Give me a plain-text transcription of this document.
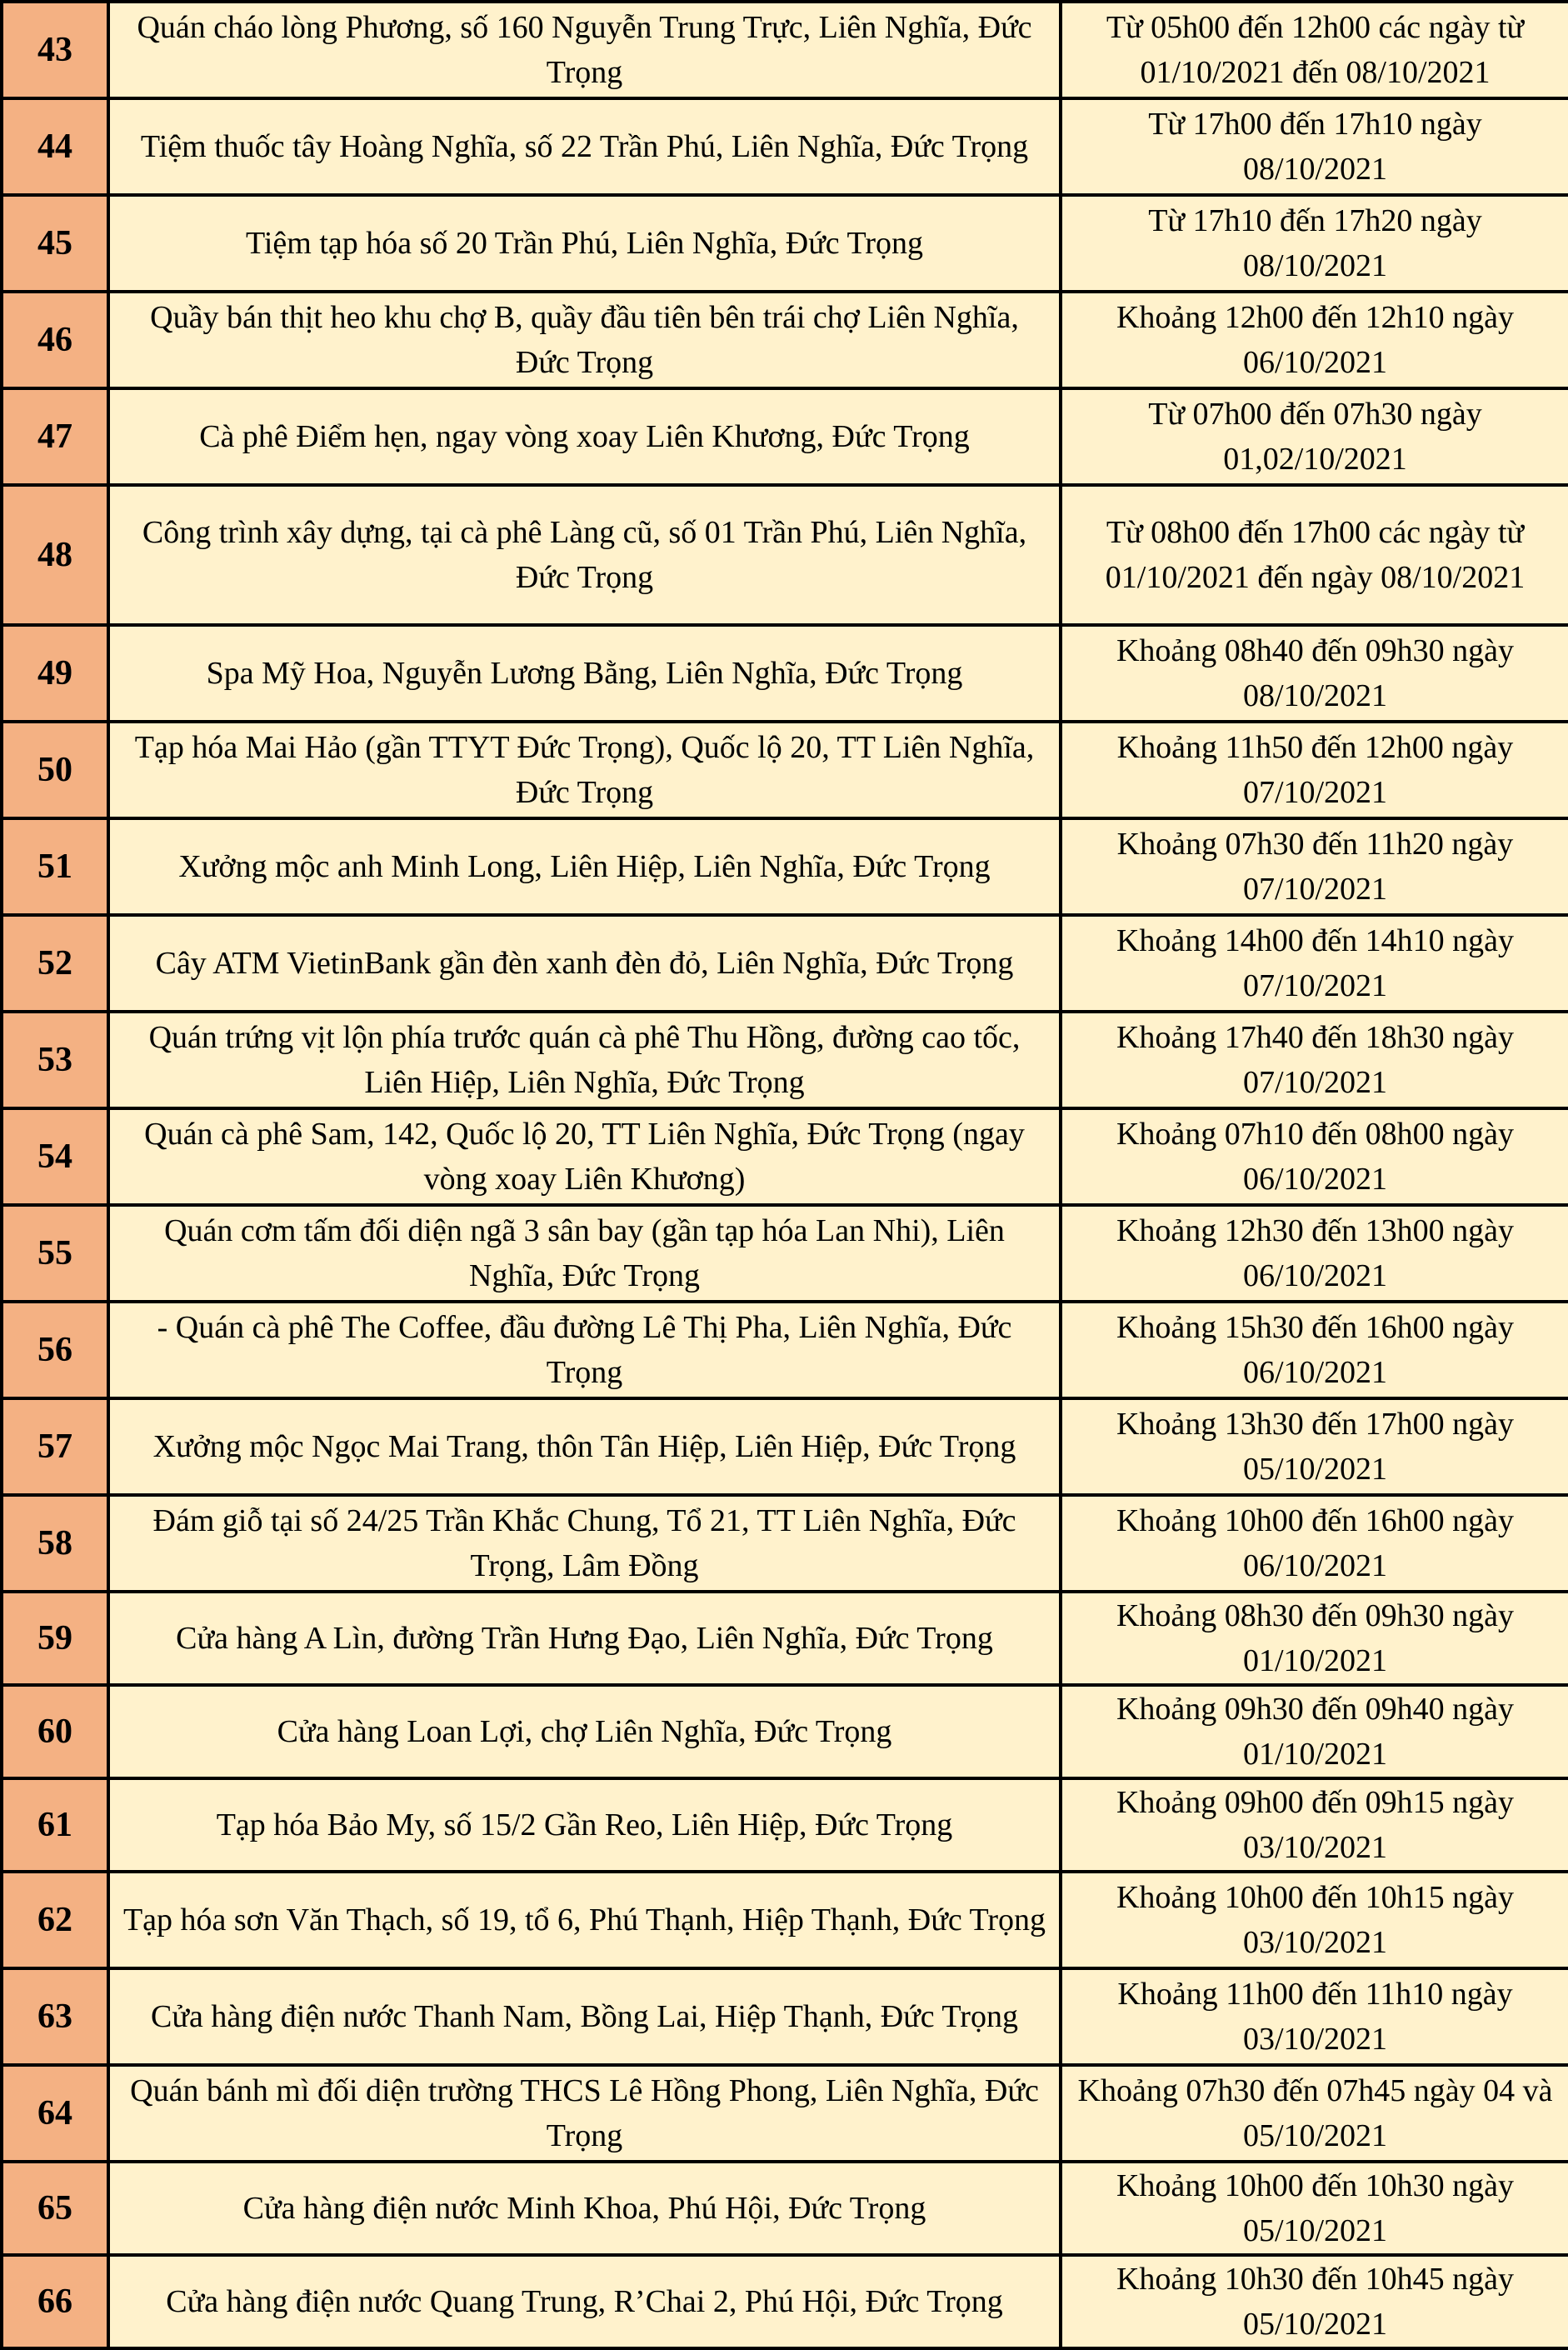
43	Quán cháo lòng Phương, số 160 Nguyễn Trung Trực, Liên Nghĩa, Đức Trọng	Từ 05h00 đến 12h00 các ngày từ 01/10/2021 đến 08/10/2021
44	Tiệm thuốc tây Hoàng Nghĩa, số 22 Trần Phú, Liên Nghĩa, Đức Trọng	Từ 17h00 đến 17h10 ngày 08/10/2021
45	Tiệm tạp hóa số 20 Trần Phú, Liên Nghĩa, Đức Trọng	Từ 17h10 đến 17h20 ngày 08/10/2021
46	Quầy bán thịt heo khu chợ B, quầy đầu tiên bên trái chợ Liên Nghĩa, Đức Trọng	Khoảng 12h00 đến 12h10 ngày 06/10/2021
47	Cà phê Điểm hẹn, ngay vòng xoay Liên Khương, Đức Trọng	Từ 07h00 đến 07h30 ngày 01,02/10/2021
48	Công trình xây dựng, tại cà phê Làng cũ, số 01 Trần Phú, Liên Nghĩa, Đức Trọng	Từ 08h00 đến 17h00 các ngày từ 01/10/2021 đến ngày 08/10/2021
49	Spa Mỹ Hoa, Nguyễn Lương Bằng, Liên Nghĩa, Đức Trọng	Khoảng 08h40 đến 09h30 ngày 08/10/2021
50	Tạp hóa Mai Hảo (gần TTYT Đức Trọng), Quốc lộ 20, TT Liên Nghĩa, Đức Trọng	Khoảng 11h50 đến 12h00 ngày 07/10/2021
51	Xưởng mộc anh Minh Long, Liên Hiệp, Liên Nghĩa, Đức Trọng	Khoảng 07h30 đến 11h20 ngày 07/10/2021
52	Cây ATM VietinBank gần đèn xanh đèn đỏ, Liên Nghĩa, Đức Trọng	Khoảng 14h00 đến 14h10 ngày 07/10/2021
53	Quán trứng vịt lộn phía trước quán cà phê Thu Hồng, đường cao tốc, Liên Hiệp, Liên Nghĩa, Đức Trọng	Khoảng 17h40 đến 18h30 ngày 07/10/2021
54	Quán cà phê Sam, 142, Quốc lộ 20, TT Liên Nghĩa, Đức Trọng (ngay vòng xoay Liên Khương)	Khoảng 07h10 đến 08h00 ngày 06/10/2021
55	Quán cơm tấm đối diện ngã 3 sân bay (gần tạp hóa Lan Nhi), Liên Nghĩa, Đức Trọng	Khoảng 12h30 đến 13h00 ngày 06/10/2021
56	- Quán cà phê The Coffee, đầu đường Lê Thị Pha, Liên Nghĩa, Đức Trọng	Khoảng 15h30 đến 16h00 ngày 06/10/2021
57	Xưởng mộc Ngọc Mai Trang, thôn Tân Hiệp, Liên Hiệp, Đức Trọng	Khoảng 13h30 đến 17h00 ngày 05/10/2021
58	Đám giỗ tại số 24/25 Trần Khắc Chung, Tổ 21, TT Liên Nghĩa, Đức Trọng, Lâm Đồng	Khoảng 10h00 đến 16h00 ngày 06/10/2021
59	Cửa hàng A Lìn, đường Trần Hưng Đạo, Liên Nghĩa, Đức Trọng	Khoảng 08h30 đến 09h30 ngày 01/10/2021
60	Cửa hàng Loan Lợi, chợ Liên Nghĩa, Đức Trọng	Khoảng 09h30 đến 09h40 ngày 01/10/2021
61	Tạp hóa Bảo My, số 15/2 Gần Reo, Liên Hiệp, Đức Trọng	Khoảng 09h00 đến 09h15 ngày 03/10/2021
62	Tạp hóa sơn Văn Thạch, số 19, tổ 6, Phú Thạnh, Hiệp Thạnh, Đức Trọng	Khoảng 10h00 đến 10h15 ngày 03/10/2021
63	Cửa hàng điện nước Thanh Nam, Bồng Lai, Hiệp Thạnh, Đức Trọng	Khoảng 11h00 đến 11h10 ngày 03/10/2021
64	Quán bánh mì đối diện trường THCS Lê Hồng Phong, Liên Nghĩa, Đức Trọng	Khoảng 07h30 đến 07h45 ngày 04 và 05/10/2021
65	Cửa hàng điện nước Minh Khoa, Phú Hội, Đức Trọng	Khoảng 10h00 đến 10h30 ngày 05/10/2021
66	Cửa hàng điện nước Quang Trung, R’Chai 2, Phú Hội, Đức Trọng	Khoảng 10h30 đến 10h45 ngày 05/10/2021
